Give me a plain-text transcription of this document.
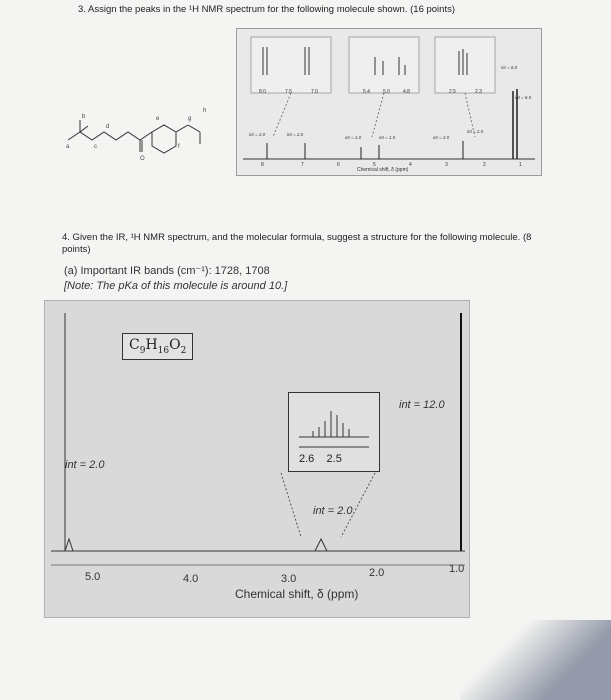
3. Assign the peaks in the ¹H NMR spectrum for the following molecule shown. (16 points)
O
a
b
c
d
e
f
g
h
8.0	7.5	7.0	5.4	5.0	4.8	2.5	2.3
int = 2.0	int = 2.0
int = 1.0	int = 1.0	int = 2.0
int = 2.0
int = 6.0
int = 6.0
8	7	6	5	4	3	2	1
Chemical shift, δ (ppm)
4. Given the IR, ¹H NMR spectrum, and the molecular formula, suggest a structure for the following molecule. (8 points)
(a) Important IR bands (cm⁻¹): 1728, 1708
[Note: The pKa of this molecule is around 10.]
int = 2.0
int = 12.0
int = 2.0
5.0	4.0	3.0	2.0	1.0
Chemical shift, δ (ppm)
$C_9H_{16}O_2$
2.6 2.5
